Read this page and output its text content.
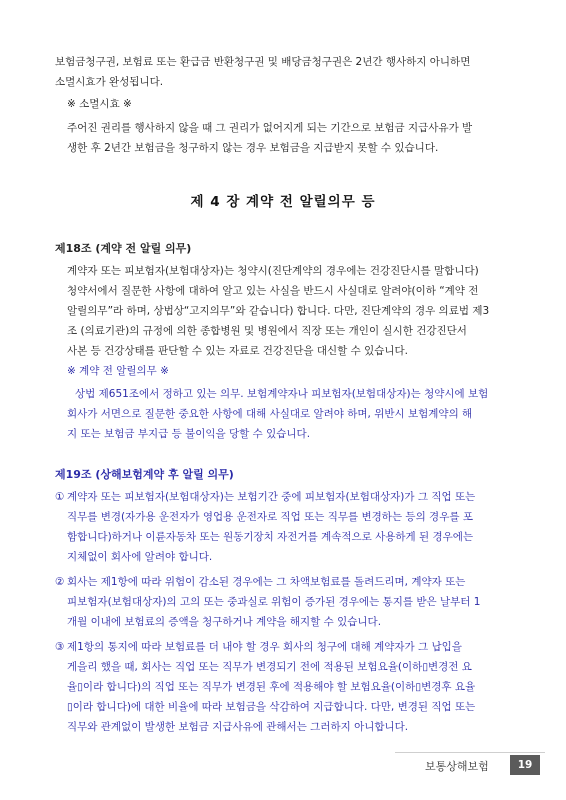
보험금청구권, 보험료 또는 환급금 반환청구권 및 배당금청구권은 2년간 행사하지 아니하면
소멸시효가 완성됩니다.
※ 소멸시효 ※
주어진 권리를 행사하지 않을 때 그 권리가 없어지게 되는 기간으로 보험금 지급사유가 발
생한 후 2년간 보험금을 청구하지 않는 경우 보험금을 지급받지 못할 수 있습니다.
제 4 장 계약 전 알릴의무 등
제18조 (계약 전 알릴 의무)
계약자 또는 피보험자(보험대상자)는 청약시(진단계약의 경우에는 건강진단시를 말합니다)
청약서에서 질문한 사항에 대하여 알고 있는 사실을 반드시 사실대로 알려야(이하 “계약 전
알릴의무”라 하며, 상법상“고지의무”와 같습니다) 합니다. 다만, 진단계약의 경우 의료법 제3
조 (의료기관)의 규정에 의한 종합병원 및 병원에서 직장 또는 개인이 실시한 건강진단서
사본 등 건강상태를 판단할 수 있는 자료로 건강진단을 대신할 수 있습니다.
※ 계약 전 알릴의무 ※
상법 제651조에서 정하고 있는 의무. 보험계약자나 피보험자(보험대상자)는 청약시에 보험
회사가 서면으로 질문한 중요한 사항에 대해 사실대로 알려야 하며, 위반시 보험계약의 해
지 또는 보험금 부지급 등 불이익을 당할 수 있습니다.
제19조 (상해보험계약 후 알릴 의무)
① 계약자 또는 피보험자(보험대상자)는 보험기간 중에 피보험자(보험대상자)가 그 직업 또는
직무를 변경(자가용 운전자가 영업용 운전자로 직업 또는 직무를 변경하는 등의 경우를 포
함합니다)하거나 이륜자동차 또는 원동기장치 자전거를 계속적으로 사용하게 된 경우에는
지체없이 회사에 알려야 합니다.
② 회사는 제1항에 따라 위험이 감소된 경우에는 그 차액보험료를 돌려드리며, 계약자 또는
피보험자(보험대상자)의 고의 또는 중과실로 위험이 증가된 경우에는 통지를 받은 날부터 1
개월 이내에 보험료의 증액을 청구하거나 계약을 해지할 수 있습니다.
③ 제1항의 통지에 따라 보험료를 더 내야 할 경우 회사의 청구에 대해 계약자가 그 납입을
게을리 했을 때, 회사는 직업 또는 직무가 변경되기 전에 적용된 보험요율(이하▯변경전 요
율▯이라 합니다)의 직업 또는 직무가 변경된 후에 적용해야 할 보험요율(이하▯변경후 요율
▯이라 합니다)에 대한 비율에 따라 보험금을 삭감하여 지급합니다. 다만, 변경된 직업 또는
직무와 관계없이 발생한 보험금 지급사유에 관해서는 그러하지 아니합니다.
보통상해보험	19
